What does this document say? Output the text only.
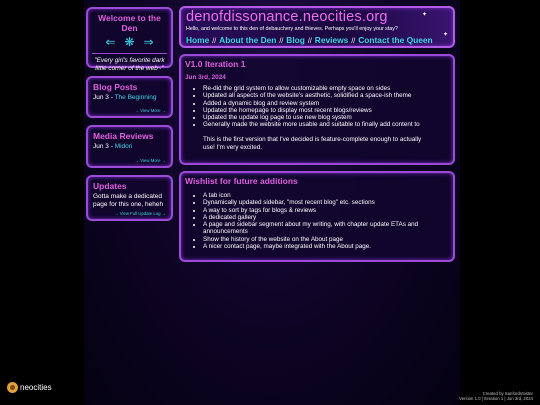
Welcome to the Den
⇐ ❋ ⇒
"Every girl's favorite dark little corner of the web~"
Blog Posts
Jun 3 - The Beginning
→ View More →
Media Reviews
Jun 3 - Midori
→ View More →
Updates
Gotta make a dedicated page for this one, heheh
→ View Full Update Log →
denofdissonance.neocities.org	✦
✦
Hello, and welcome to this den of debauchery and thieves. Perhaps you'll enjoy your stay?
Home // About the Den // Blog // Reviews // Contact the Queen
V1.0 Iteration 1
Jun 3rd, 2024
• Re-did the grid system to allow customizable empty space on sides
• Updated all aspects of the website's aesthetic, solidified a space-ish theme
• Added a dynamic blog and review system
• Updated the homepage to display most recent blogs/reviews
• Updated the update log page to use new blog system
• Generally made the website more usable and suitable to finally add content to

This is the first version that I've decided is feature-complete enough to actually use! I'm very excited.

Wishlist for future additions
• A tab icon
• Dynamically updated sidebar, "most recent blog" etc. sections
• A way to sort by tags for blogs & reviews
• A dedicated gallery
• A page and sidebar segment about my writing, with chapter update ETAs and announcements
• Show the history of the website on the About page
• A nicer contact page, maybe integrated with the About page.
neocities
Created by SanfordsSister
Version 1.0 | Iteration 1 | Jun 3rd, 2024
